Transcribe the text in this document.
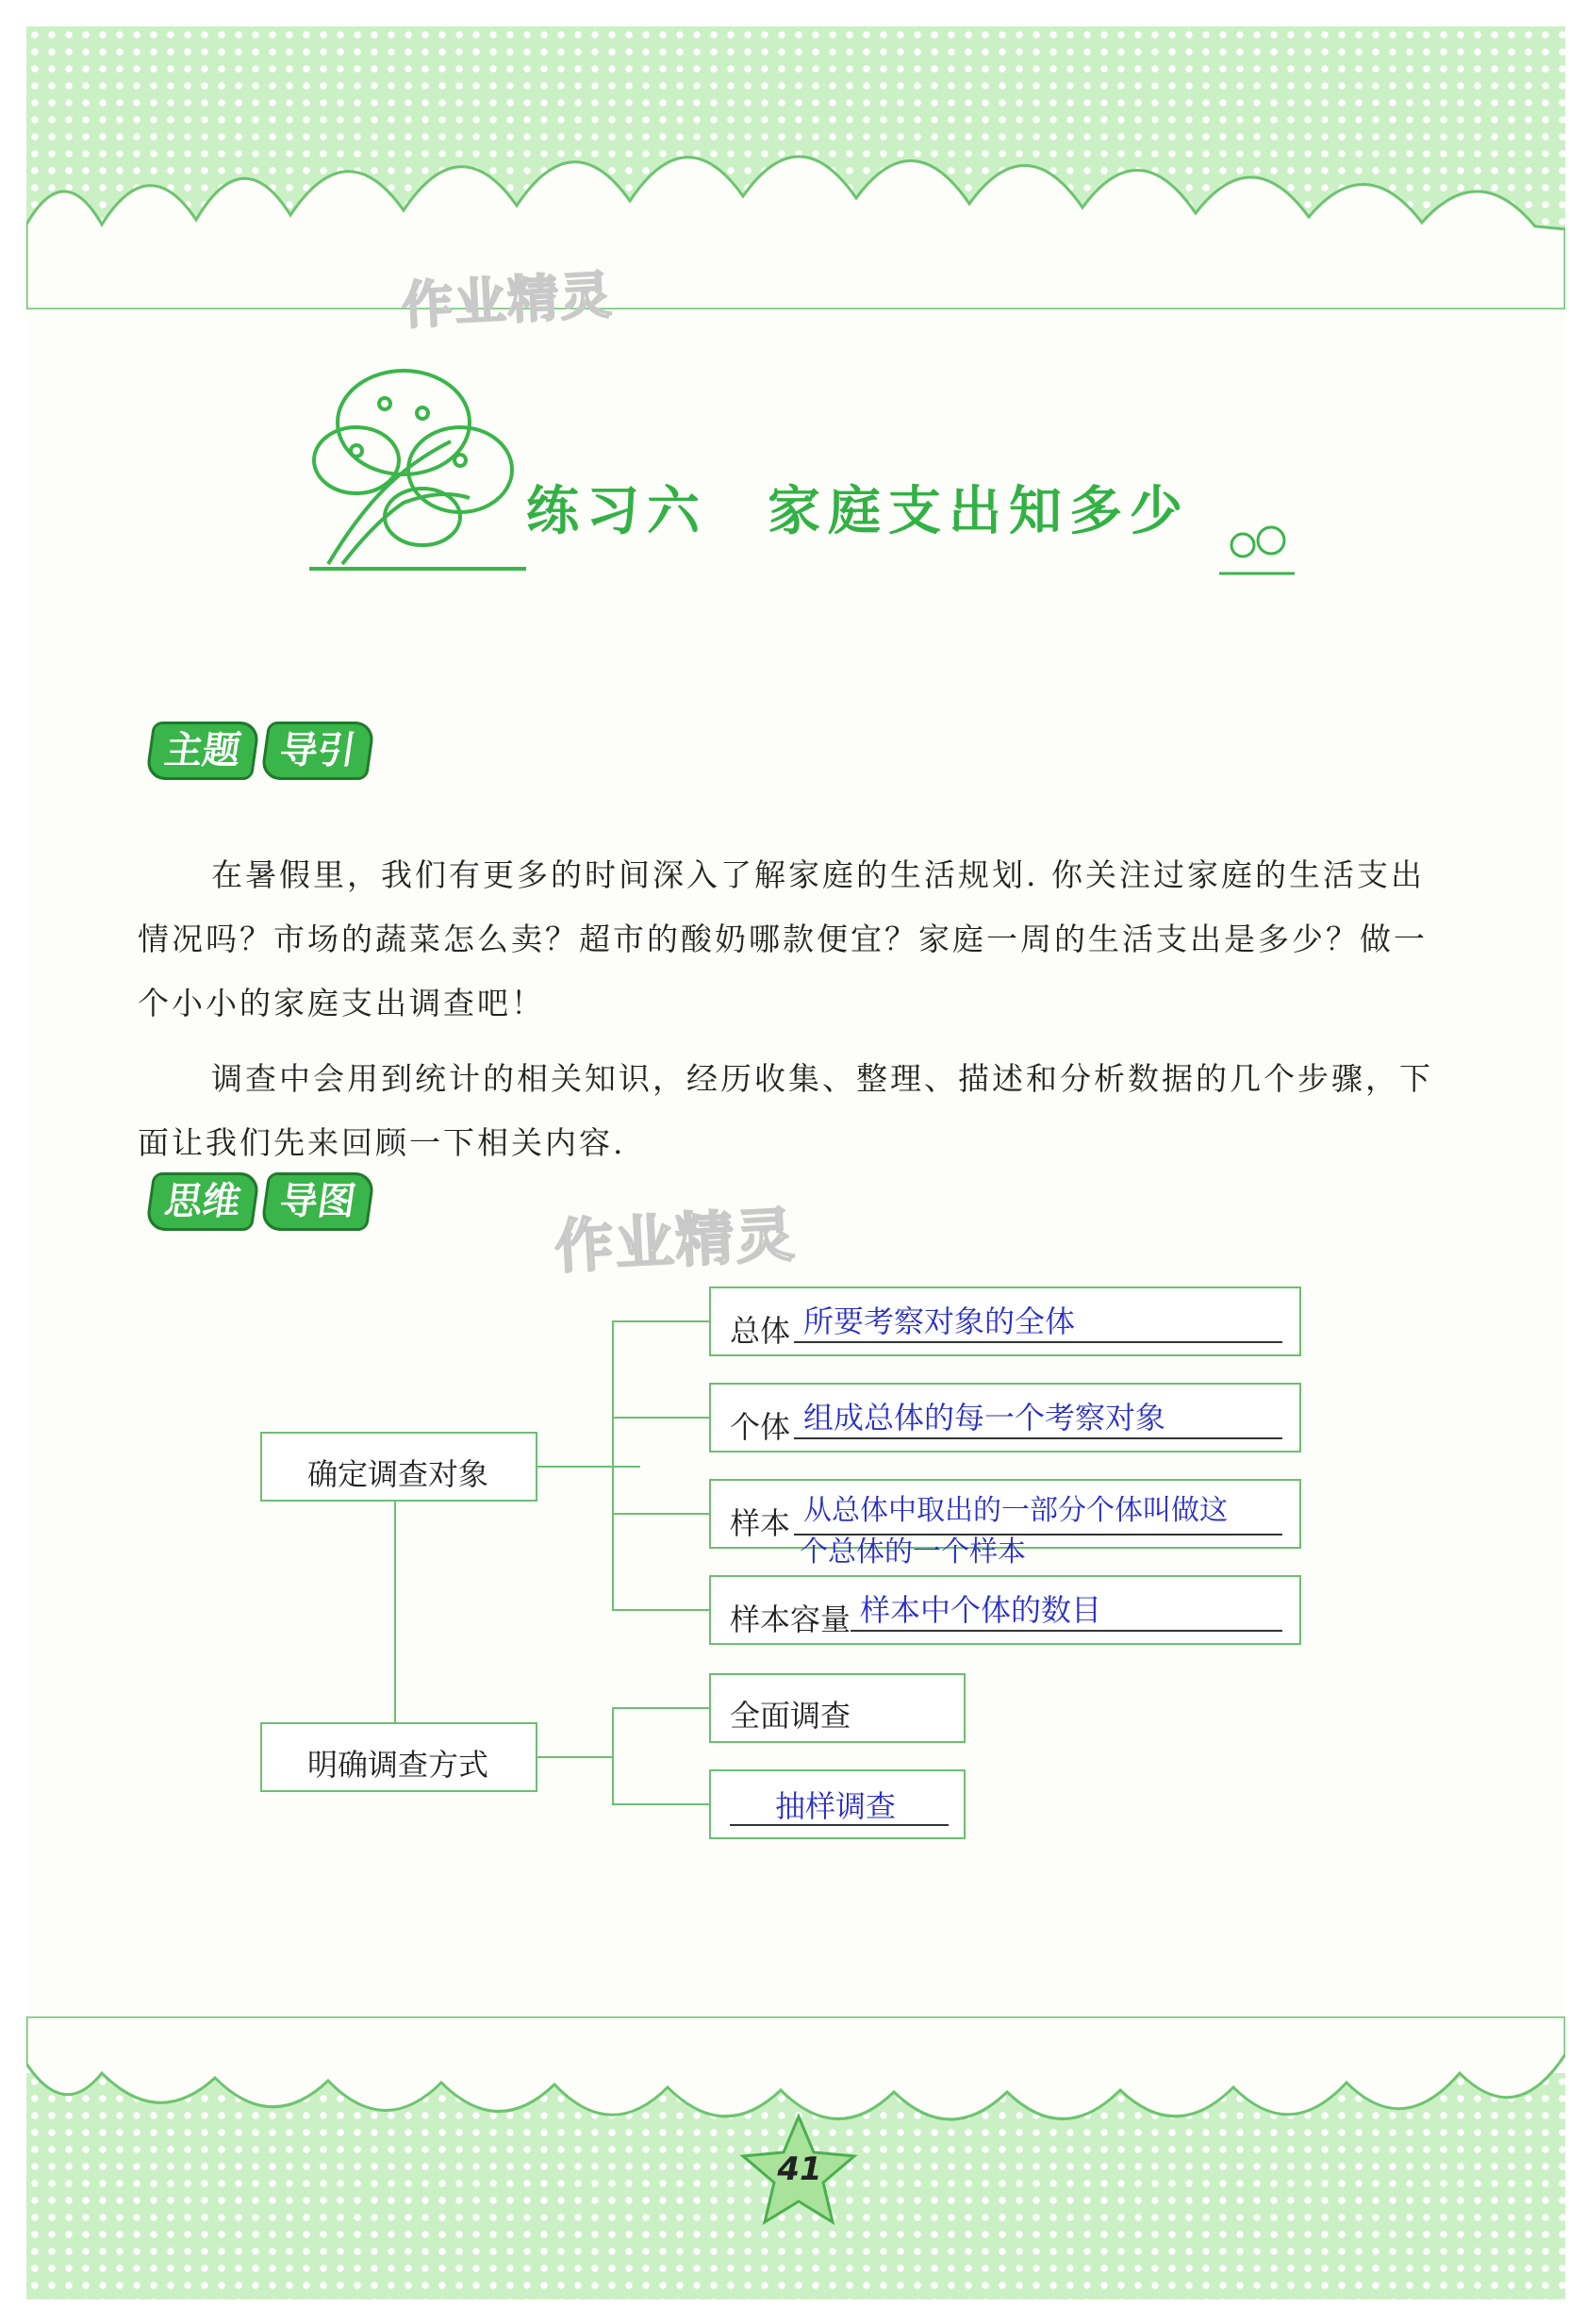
作业精灵
练习六　家庭支出知多少
主题 导引

在暑假里，我们有更多的时间深入了解家庭的生活规划. 你关注过家庭的生活支出情况吗？市场的蔬菜怎么卖？超市的酸奶哪款便宜？家庭一周的生活支出是多少？做一个小小的家庭支出调查吧！

调查中会用到统计的相关知识，经历收集、整理、描述和分析数据的几个步骤，下面让我们先来回顾一下相关内容.

思维 导图	作业精灵
确定调查对象
明确调查方式
总体 所要考察对象的全体
个体 组成总体的每一个考察对象
样本 从总体中取出的一部分个体叫做这
个总体的一个样本
样本容量 样本中个体的数目
全面调查
抽样调查
41
